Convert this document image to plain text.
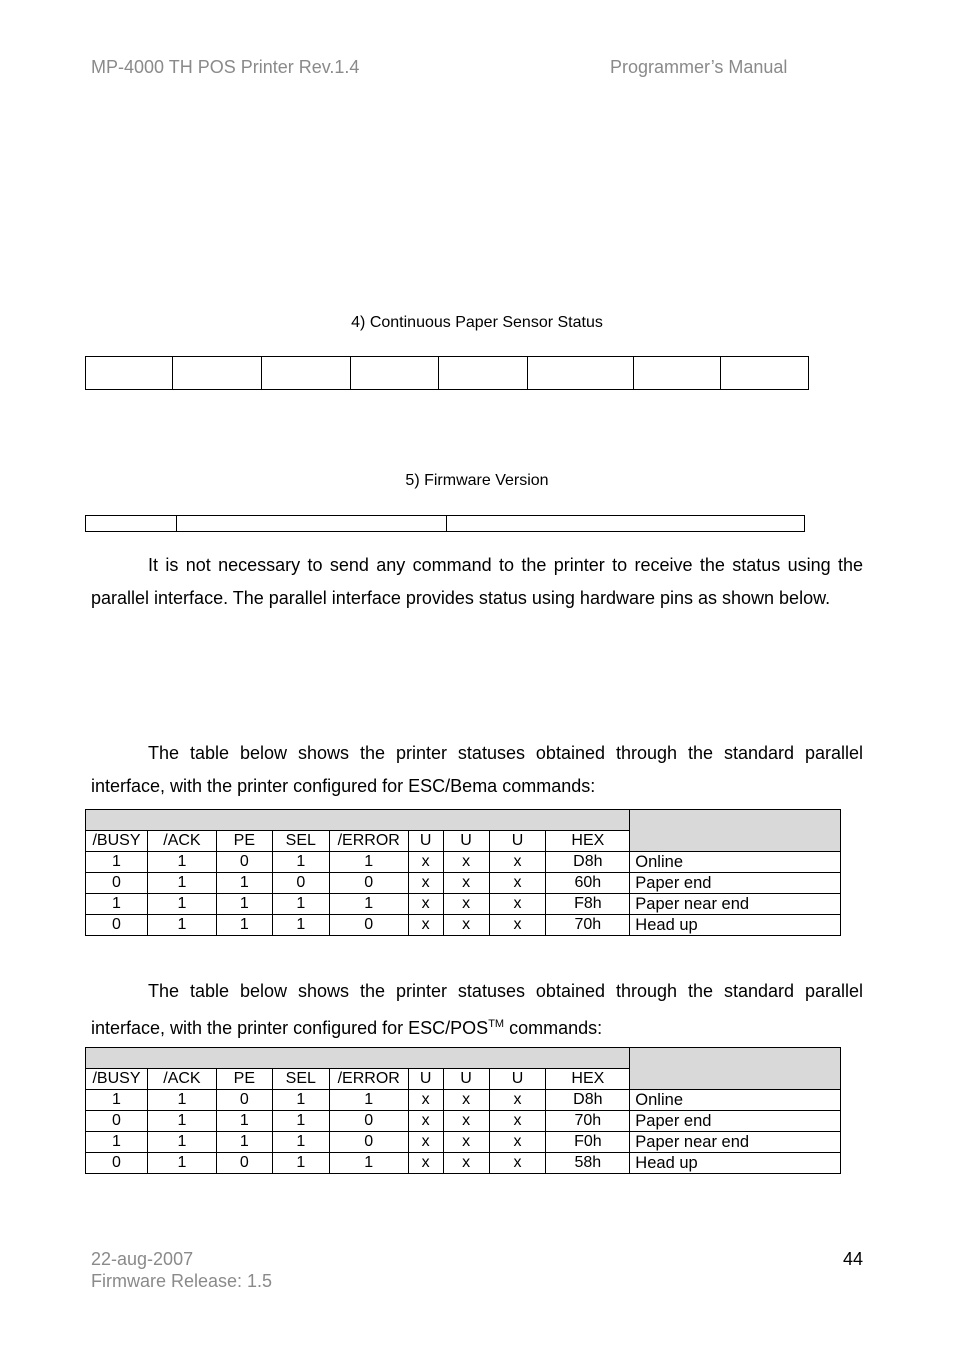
MP-4000 TH POS Printer Rev.1.4	Programmer’s Manual
4) Continuous Paper Sensor Status

5) Firmware Version

It is not necessary to send any command to the printer to receive the status using the parallel interface. The parallel interface provides status using hardware pins as shown below.

The table below shows the printer statuses obtained through the standard parallel interface, with the printer configured for ESC/Bema commands:

/BUSY	/ACK	PE	SEL	/ERROR	U	U	U	HEX	
1	1	0	1	1	x	x	x	D8h	Online
0	1	1	0	0	x	x	x	60h	Paper end
1	1	1	1	1	x	x	x	F8h	Paper near end
0	1	1	1	0	x	x	x	70h	Head up

The table below shows the printer statuses obtained through the standard parallel interface, with the printer configured for ESC/POS™ commands:

/BUSY	/ACK	PE	SEL	/ERROR	U	U	U	HEX	
1	1	0	1	1	x	x	x	D8h	Online
0	1	1	1	0	x	x	x	70h	Paper end
1	1	1	1	0	x	x	x	F0h	Paper near end
0	1	0	1	1	x	x	x	58h	Head up
22-aug-2007
Firmware Release: 1.5
44
